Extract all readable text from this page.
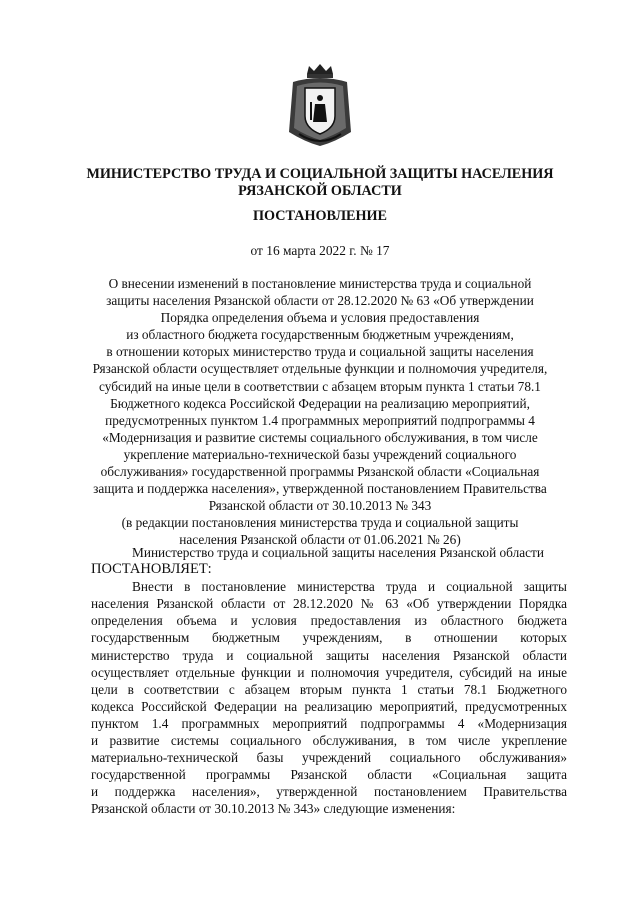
МИНИСТЕРСТВО ТРУДА И СОЦИАЛЬНОЙ ЗАЩИТЫ НАСЕЛЕНИЯ
РЯЗАНСКОЙ ОБЛАСТИ
ПОСТАНОВЛЕНИЕ
от 16 марта 2022 г. № 17
О внесении изменений в постановление министерства труда и социальной
защиты населения Рязанской области от 28.12.2020 № 63 «Об утверждении
Порядка определения объема и условия предоставления
из областного бюджета государственным бюджетным учреждениям,
в отношении которых министерство труда и социальной защиты населения
Рязанской области осуществляет отдельные функции и полномочия учредителя,
субсидий на иные цели в соответствии с абзацем вторым пункта 1 статьи 78.1
Бюджетного кодекса Российской Федерации на реализацию мероприятий,
предусмотренных пунктом 1.4 программных мероприятий подпрограммы 4
«Модернизация и развитие системы социального обслуживания, в том числе
укрепление материально-технической базы учреждений социального
обслуживания» государственной программы Рязанской области «Социальная
защита и поддержка населения», утвержденной постановлением Правительства
Рязанской области от 30.10.2013 № 343
(в редакции постановления министерства труда и социальной защиты
населения Рязанской области от 01.06.2021 № 26)
Министерство труда и социальной защиты населения Рязанской области
ПОСТАНОВЛЯЕТ:
Внести в постановление министерства труда и социальной защиты
населения Рязанской области от 28.12.2020 № 63 «Об утверждении Порядка
определения объема и условия предоставления из областного бюджета
государственным бюджетным учреждениям, в отношении которых
министерство труда и социальной защиты населения Рязанской области
осуществляет отдельные функции и полномочия учредителя, субсидий на иные
цели в соответствии с абзацем вторым пункта 1 статьи 78.1 Бюджетного
кодекса Российской Федерации на реализацию мероприятий, предусмотренных
пунктом 1.4 программных мероприятий подпрограммы 4 «Модернизация
и развитие системы социального обслуживания, в том числе укрепление
материально-технической базы учреждений социального обслуживания»
государственной программы Рязанской области «Социальная защита
и поддержка населения», утвержденной постановлением Правительства
Рязанской области от 30.10.2013 № 343» следующие изменения:
